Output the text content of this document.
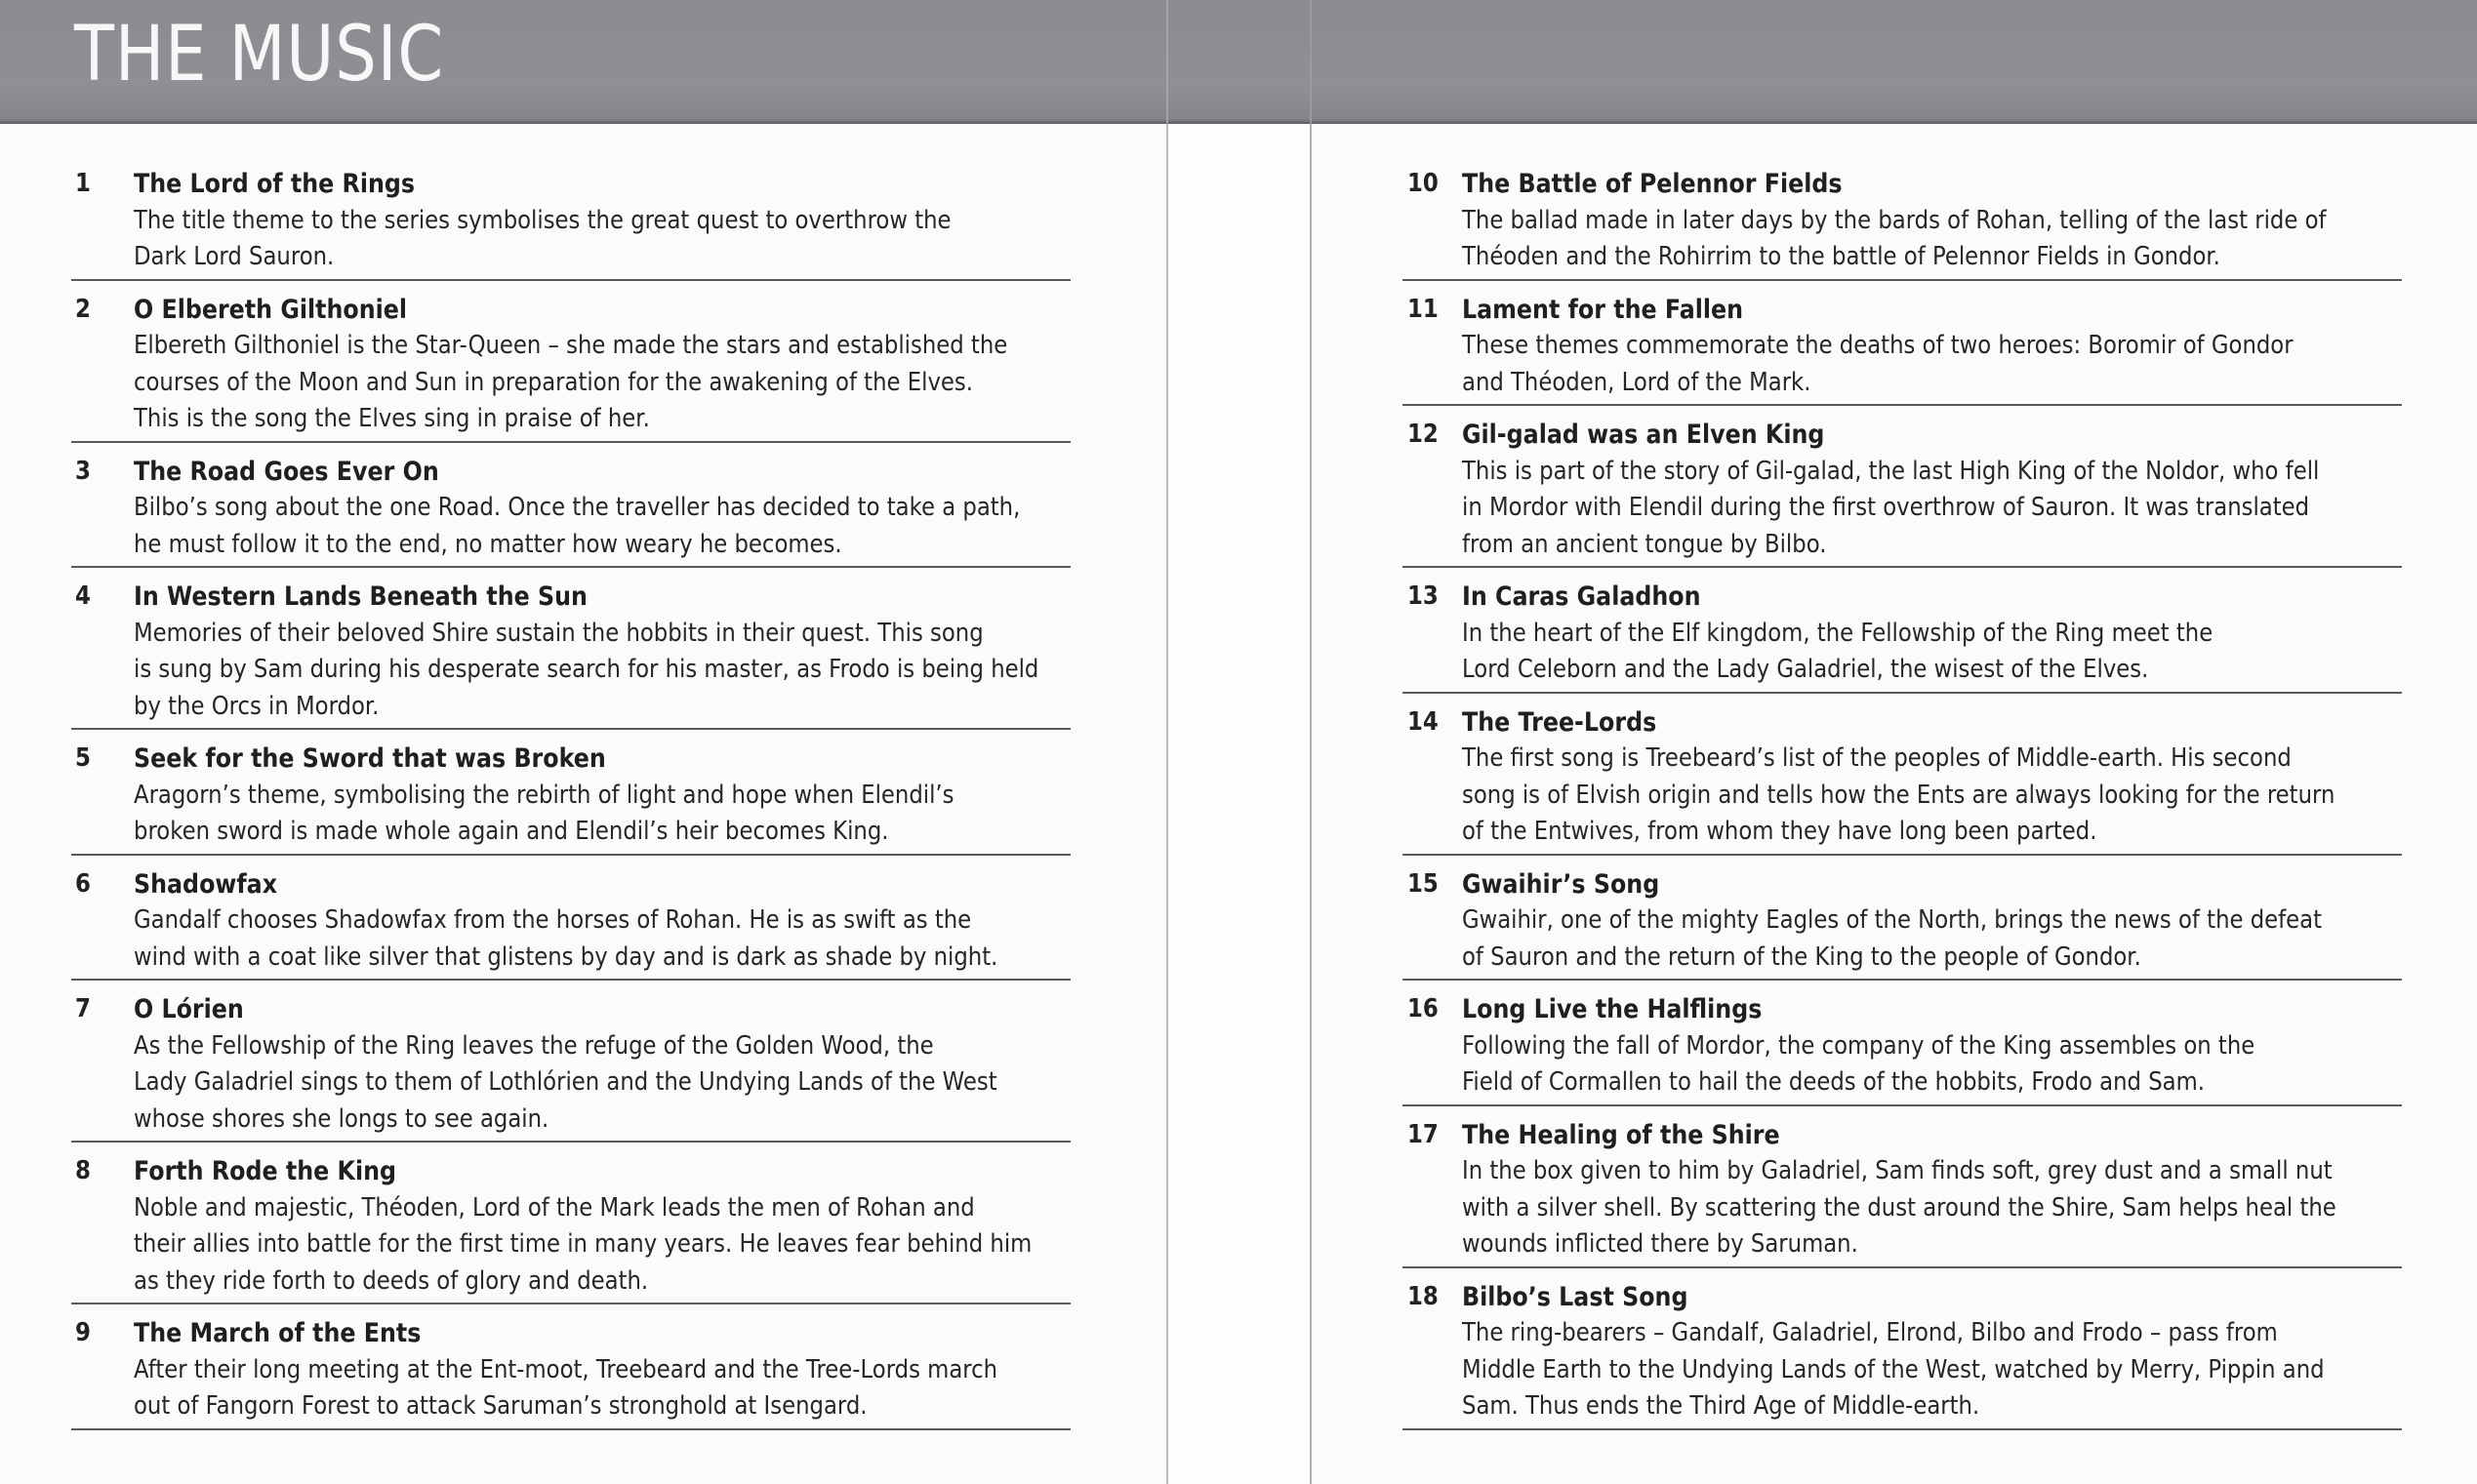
THE MUSIC
1 The Lord of the Rings
The title theme to the series symbolises the great quest to overthrow the
Dark Lord Sauron.
2 O Elbereth Gilthoniel
Elbereth Gilthoniel is the Star-Queen – she made the stars and established the
courses of the Moon and Sun in preparation for the awakening of the Elves.
This is the song the Elves sing in praise of her.
3 The Road Goes Ever On
Bilbo’s song about the one Road. Once the traveller has decided to take a path,
he must follow it to the end, no matter how weary he becomes.
4 In Western Lands Beneath the Sun
Memories of their beloved Shire sustain the hobbits in their quest. This song
is sung by Sam during his desperate search for his master, as Frodo is being held
by the Orcs in Mordor.
5 Seek for the Sword that was Broken
Aragorn’s theme, symbolising the rebirth of light and hope when Elendil’s
broken sword is made whole again and Elendil’s heir becomes King.
6 Shadowfax
Gandalf chooses Shadowfax from the horses of Rohan. He is as swift as the
wind with a coat like silver that glistens by day and is dark as shade by night.
7 O Lórien
As the Fellowship of the Ring leaves the refuge of the Golden Wood, the
Lady Galadriel sings to them of Lothlórien and the Undying Lands of the West
whose shores she longs to see again.
8 Forth Rode the King
Noble and majestic, Théoden, Lord of the Mark leads the men of Rohan and
their allies into battle for the first time in many years. He leaves fear behind him
as they ride forth to deeds of glory and death.
9 The March of the Ents
After their long meeting at the Ent-moot, Treebeard and the Tree-Lords march
out of Fangorn Forest to attack Saruman’s stronghold at Isengard.
10 The Battle of Pelennor Fields
The ballad made in later days by the bards of Rohan, telling of the last ride of
Théoden and the Rohirrim to the battle of Pelennor Fields in Gondor.
11 Lament for the Fallen
These themes commemorate the deaths of two heroes: Boromir of Gondor
and Théoden, Lord of the Mark.
12 Gil-galad was an Elven King
This is part of the story of Gil-galad, the last High King of the Noldor, who fell
in Mordor with Elendil during the first overthrow of Sauron. It was translated
from an ancient tongue by Bilbo.
13 In Caras Galadhon
In the heart of the Elf kingdom, the Fellowship of the Ring meet the
Lord Celeborn and the Lady Galadriel, the wisest of the Elves.
14 The Tree-Lords
The first song is Treebeard’s list of the peoples of Middle-earth. His second
song is of Elvish origin and tells how the Ents are always looking for the return
of the Entwives, from whom they have long been parted.
15 Gwaihir’s Song
Gwaihir, one of the mighty Eagles of the North, brings the news of the defeat
of Sauron and the return of the King to the people of Gondor.
16 Long Live the Halflings
Following the fall of Mordor, the company of the King assembles on the
Field of Cormallen to hail the deeds of the hobbits, Frodo and Sam.
17 The Healing of the Shire
In the box given to him by Galadriel, Sam finds soft, grey dust and a small nut
with a silver shell. By scattering the dust around the Shire, Sam helps heal the
wounds inflicted there by Saruman.
18 Bilbo’s Last Song
The ring-bearers – Gandalf, Galadriel, Elrond, Bilbo and Frodo – pass from
Middle Earth to the Undying Lands of the West, watched by Merry, Pippin and
Sam. Thus ends the Third Age of Middle-earth.
